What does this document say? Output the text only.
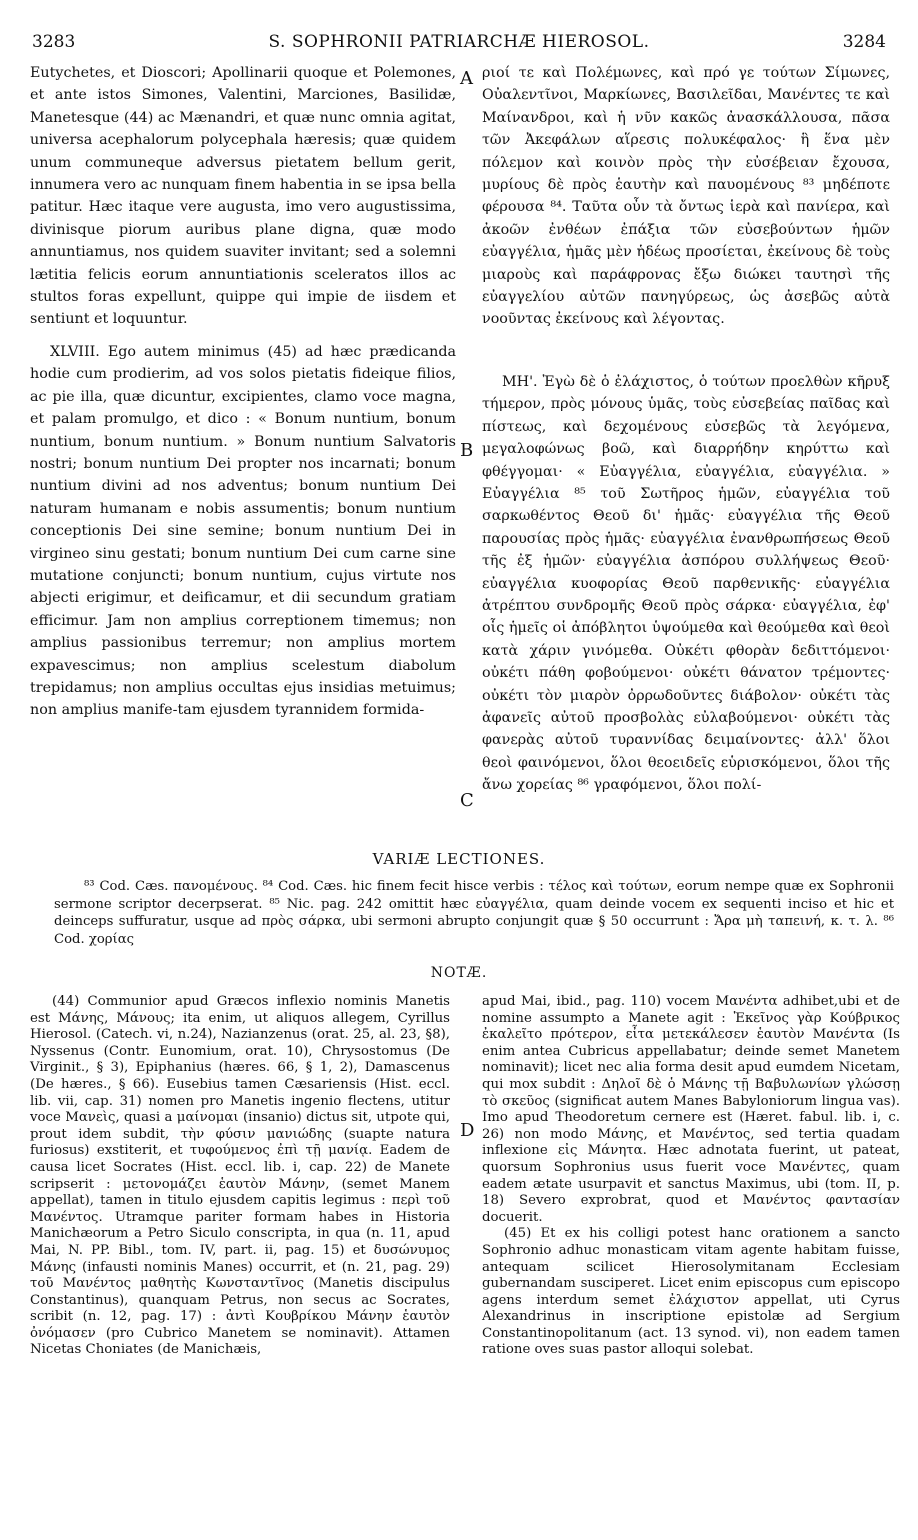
3283	S. SOPHRONII PATRIARCHÆ HIEROSOL.	3284

Eutychetes, et Dioscori; Apollinarii quoque et Polemones, et ante istos Simones, Valentini, Marciones, Basilidæ, Manetesque (44) ac Mænandri, et quæ nunc omnia agitat, universa acephalorum polycephala hæresis; quæ quidem unum communeque adversus pietatem bellum gerit, innumera vero ac nunquam finem habentia in se ipsa bella patitur. Hæc itaque vere augusta, imo vero augustissima, divinisque piorum auribus plane digna, quæ modo annuntiamus, nos quidem suaviter invitant; sed a solemni lætitia felicis eorum annuntiationis sceleratos illos ac stultos foras expellunt, quippe qui impie de iisdem et sentiunt et loquuntur.

XLVIII. Ego autem minimus (45) ad hæc prædicanda hodie cum prodierim, ad vos solos pietatis fideique filios, ac pie illa, quæ dicuntur, excipientes, clamo voce magna, et palam promulgo, et dico : « Bonum nuntium, bonum nuntium, bonum nuntium. » Bonum nuntium Salvatoris nostri; bonum nuntium Dei propter nos incarnati; bonum nuntium divini ad nos adventus; bonum nuntium Dei naturam humanam e nobis assumentis; bonum nuntium conceptionis Dei sine semine; bonum nuntium Dei in virgineo sinu gestati; bonum nuntium Dei cum carne sine mutatione conjuncti; bonum nuntium, cujus virtute nos abjecti erigimur, et deificamur, et dii secundum gratiam efficimur. Jam non amplius correptionem timemus; non amplius passionibus terremur; non amplius mortem expavescimus; non amplius scelestum diabolum trepidamus; non amplius occultas ejus insidias metuimus; non amplius manife-tam ejusdem tyrannidem formida-

ριοί τε καὶ Πολέμωνες, καὶ πρό γε τούτων Σίμωνες, Οὐαλεντῖνοι, Μαρκίωνες, Βασιλεῖδαι, Μανέντες τε καὶ Μαίνανδροι, καὶ ἡ νῦν κακῶς ἀνασκάλλουσα, πᾶσα τῶν Ἀκεφάλων αἵρεσις πολυκέφαλος· ἣ ἕνα μὲν πόλεμον καὶ κοινὸν πρὸς τὴν εὐσέβειαν ἔχουσα, μυρίους δὲ πρὸς ἑαυτὴν καὶ παυομένους ⁸³ μηδέποτε φέρουσα ⁸⁴. Ταῦτα οὖν τὰ ὄντως ἱερὰ καὶ πανίερα, καὶ ἀκοῶν ἐνθέων ἐπάξια τῶν εὐσεβούντων ἡμῶν εὐαγγέλια, ἡμᾶς μὲν ἡδέως προσίεται, ἐκείνους δὲ τοὺς μιαροὺς καὶ παράφρονας ἔξω διώκει ταυτησὶ τῆς εὐαγγελίου αὐτῶν πανηγύρεως, ὡς ἀσεβῶς αὐτὰ νοοῦντας ἐκείνους καὶ λέγοντας.

ΜΗ'. Ἐγὼ δὲ ὁ ἐλάχιστος, ὁ τούτων προελθὼν κῆρυξ τήμερον, πρὸς μόνους ὑμᾶς, τοὺς εὐσεβείας παῖδας καὶ πίστεως, καὶ δεχομένους εὐσεβῶς τὰ λεγόμενα, μεγαλοφώνως βοῶ, καὶ διαρρήδην κηρύττω καὶ φθέγγομαι· « Εὐαγγέλια, εὐαγγέλια, εὐαγγέλια. » Εὐαγγέλια ⁸⁵ τοῦ Σωτῆρος ἡμῶν, εὐαγγέλια τοῦ σαρκωθέντος Θεοῦ δι' ἡμᾶς· εὐαγγέλια τῆς Θεοῦ παρουσίας πρὸς ἡμᾶς· εὐαγγέλια ἐνανθρωπήσεως Θεοῦ τῆς ἐξ ἡμῶν· εὐαγγέλια ἀσπόρου συλλήψεως Θεοῦ· εὐαγγέλια κυοφορίας Θεοῦ παρθενικῆς· εὐαγγέλια ἀτρέπτου συνδρομῆς Θεοῦ πρὸς σάρκα· εὐαγγέλια, ἐφ' οἷς ἡμεῖς οἱ ἀπόβλητοι ὑψούμεθα καὶ θεούμεθα καὶ θεοὶ κατὰ χάριν γινόμεθα. Οὐκέτι φθορὰν δεδιττόμενοι· οὐκέτι πάθη φοβούμενοι· οὐκέτι θάνατον τρέμοντες· οὐκέτι τὸν μιαρὸν ὀρρωδοῦντες διάβολον· οὐκέτι τὰς ἀφανεῖς αὐτοῦ προσβολὰς εὐλαβούμενοι· οὐκέτι τὰς φανερὰς αὐτοῦ τυραννίδας δειμαίνοντες· ἀλλ' ὅλοι θεοὶ φαινόμενοι, ὅλοι θεοειδεῖς εὑρισκόμενοι, ὅλοι τῆς ἄνω χορείας ⁸⁶ γραφόμενοι, ὅλοι πολί-

A
B
C
D
VARIÆ LECTIONES.

⁸³ Cod. Cæs. πανομένους. ⁸⁴ Cod. Cæs. hic finem fecit hisce verbis : τέλος καὶ τούτων, eorum nempe quæ ex Sophronii sermone scriptor decerpserat. ⁸⁵ Nic. pag. 242 omittit hæc εὐαγγέλια, quam deinde vocem ex sequenti inciso et hic et deinceps suffuratur, usque ad πρὸς σάρκα, ubi sermoni abrupto conjungit quæ § 50 occurrunt : Ἄρα μὴ ταπεινή, κ. τ. λ. ⁸⁶ Cod. χορίας

NOTÆ.

(44) Communior apud Græcos inflexio nominis Manetis est Μάνης, Μάνους; ita enim, ut aliquos allegem, Cyrillus Hierosol. (Catech. vi, n.24), Nazianzenus (orat. 25, al. 23, §8), Nyssenus (Contr. Eunomium, orat. 10), Chrysostomus (De Virginit., § 3), Epiphanius (hæres. 66, § 1, 2), Damascenus (De hæres., § 66). Eusebius tamen Cæsariensis (Hist. eccl. lib. vii, cap. 31) nomen pro Manetis ingenio flectens, utitur voce Μανεὶς, quasi a μαίνομαι (insanio) dictus sit, utpote qui, prout idem subdit, τὴν φύσιν μανιώδης (suapte natura furiosus) exstiterit, et τυφούμενος ἐπὶ τῇ μανίᾳ. Eadem de causa licet Socrates (Hist. eccl. lib. i, cap. 22) de Manete scripserit : μετονομάζει ἑαυτὸν Μάνην, (semet Manem appellat), tamen in titulo ejusdem capitis legimus : περὶ τοῦ Μανέντος. Utramque pariter formam habes in Historia Manichæorum a Petro Siculo conscripta, in qua (n. 11, apud Mai, N. PP. Bibl., tom. IV, part. ii, pag. 15) et δυσώνυμος Μάνης (infausti nominis Manes) occurrit, et (n. 21, pag. 29) τοῦ Μανέντος μαθητὴς Κωνσταντῖνος (Manetis discipulus Constantinus), quanquam Petrus, non secus ac Socrates, scribit (n. 12, pag. 17) : ἀντὶ Κουβρίκου Μάνην ἑαυτὸν ὀνόμασεν (pro Cubrico Manetem se nominavit). Attamen Nicetas Choniates (de Manichæis,

apud Mai, ibid., pag. 110) vocem Μανέντα adhibet,ubi et de nomine assumpto a Manete agit : Ἐκεῖνος γὰρ Κούβρικος ἐκαλεῖτο πρότερον, εἶτα μετεκάλεσεν ἑαυτὸν Μανέντα (Is enim antea Cubricus appellabatur; deinde semet Manetem nominavit); licet nec alia forma desit apud eumdem Nicetam, qui mox subdit : Δηλοῖ δὲ ὁ Μάνης τῇ Βαβυλωνίων γλώσσῃ τὸ σκεῦος (significat autem Manes Babyloniorum lingua vas). Imo apud Theodoretum cernere est (Hæret. fabul. lib. i, c. 26) non modo Μάνης, et Μανέντος, sed tertia quadam inflexione εἰς Μάνητα. Hæc adnotata fuerint, ut pateat, quorsum Sophronius usus fuerit voce Μανέντες, quam eadem ætate usurpavit et sanctus Maximus, ubi (tom. II, p. 18) Severo exprobrat, quod et Μανέντος φαντασίαν docuerit.

(45) Et ex his colligi potest hanc orationem a sancto Sophronio adhuc monasticam vitam agente habitam fuisse, antequam scilicet Hierosolymitanam Ecclesiam gubernandam susciperet. Licet enim episcopus cum episcopo agens interdum semet ἐλάχιστον appellat, uti Cyrus Alexandrinus in inscriptione epistolæ ad Sergium Constantinopolitanum (act. 13 synod. vi), non eadem tamen ratione oves suas pastor alloqui solebat.
